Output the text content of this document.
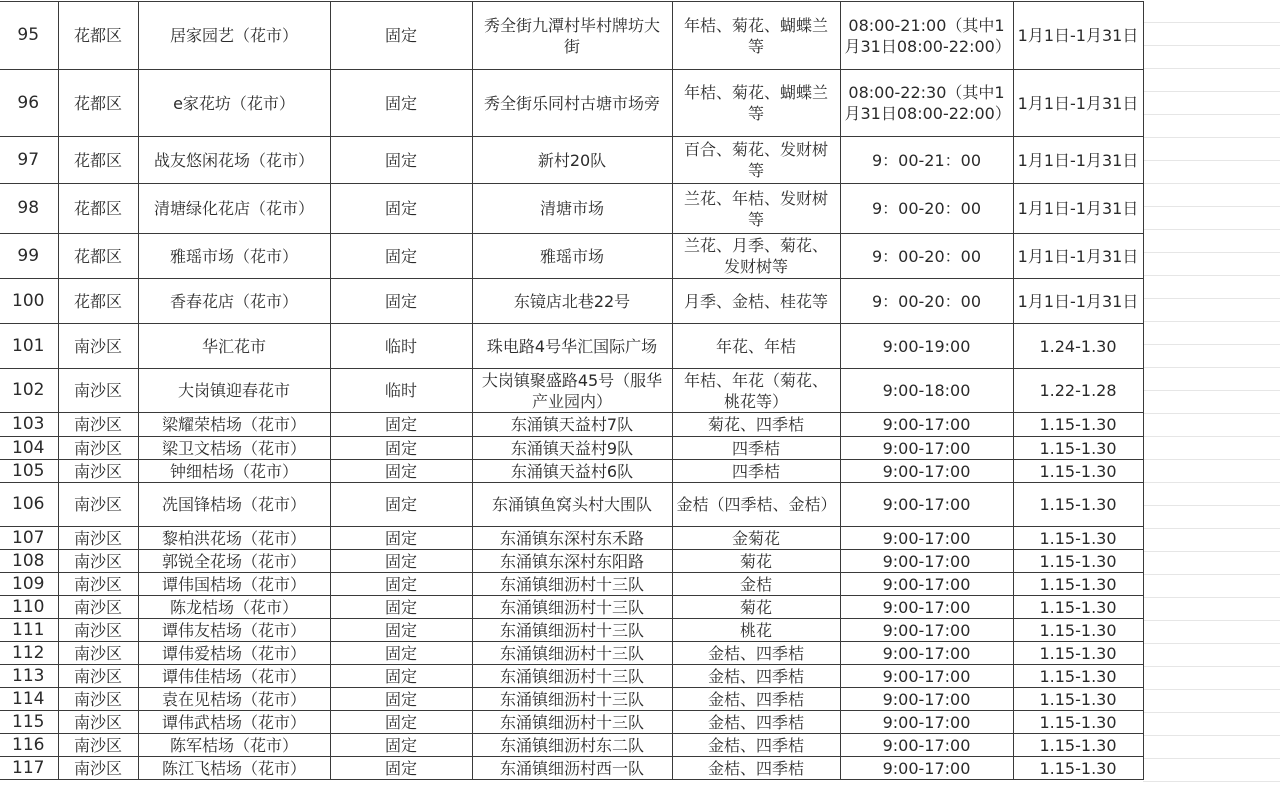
95	花都区	居家园艺（花市）	固定	秀全街九潭村毕村牌坊大街	年桔、菊花、蝴蝶兰等	08:00-21:00（其中1月31日08:00-22:00）	1月1日-1月31日
96	花都区	e家花坊（花市）	固定	秀全街乐同村古塘市场旁	年桔、菊花、蝴蝶兰等	08:00-22:30（其中1月31日08:00-22:00）	1月1日-1月31日
97	花都区	战友悠闲花场（花市）	固定	新村20队	百合、菊花、发财树等	9：00-21：00	1月1日-1月31日
98	花都区	清塘绿化花店（花市）	固定	清塘市场	兰花、年桔、发财树等	9：00-20：00	1月1日-1月31日
99	花都区	雅瑶市场（花市）	固定	雅瑶市场	兰花、月季、菊花、发财树等	9：00-20：00	1月1日-1月31日
100	花都区	香春花店（花市）	固定	东镜店北巷22号	月季、金桔、桂花等	9：00-20：00	1月1日-1月31日
101	南沙区	华汇花市	临时	珠电路4号华汇国际广场	年花、年桔	9:00-19:00	1.24-1.30
102	南沙区	大岗镇迎春花市	临时	大岗镇聚盛路45号（服华产业园内）	年桔、年花（菊花、桃花等）	9:00-18:00	1.22-1.28
103	南沙区	梁耀荣桔场（花市）	固定	东涌镇天益村7队	菊花、四季桔	9:00-17:00	1.15-1.30
104	南沙区	梁卫文桔场（花市）	固定	东涌镇天益村9队	四季桔	9:00-17:00	1.15-1.30
105	南沙区	钟细桔场（花市）	固定	东涌镇天益村6队	四季桔	9:00-17:00	1.15-1.30
106	南沙区	冼国锋桔场（花市）	固定	东涌镇鱼窝头村大围队	金桔（四季桔、金桔）	9:00-17:00	1.15-1.30
107	南沙区	黎柏洪花场（花市）	固定	东涌镇东深村东禾路	金菊花	9:00-17:00	1.15-1.30
108	南沙区	郭锐全花场（花市）	固定	东涌镇东深村东阳路	菊花	9:00-17:00	1.15-1.30
109	南沙区	谭伟国桔场（花市）	固定	东涌镇细沥村十三队	金桔	9:00-17:00	1.15-1.30
110	南沙区	陈龙桔场（花市）	固定	东涌镇细沥村十三队	菊花	9:00-17:00	1.15-1.30
111	南沙区	谭伟友桔场（花市）	固定	东涌镇细沥村十三队	桃花	9:00-17:00	1.15-1.30
112	南沙区	谭伟爱桔场（花市）	固定	东涌镇细沥村十三队	金桔、四季桔	9:00-17:00	1.15-1.30
113	南沙区	谭伟佳桔场（花市）	固定	东涌镇细沥村十三队	金桔、四季桔	9:00-17:00	1.15-1.30
114	南沙区	袁在见桔场（花市）	固定	东涌镇细沥村十三队	金桔、四季桔	9:00-17:00	1.15-1.30
115	南沙区	谭伟武桔场（花市）	固定	东涌镇细沥村十三队	金桔、四季桔	9:00-17:00	1.15-1.30
116	南沙区	陈军桔场（花市）	固定	东涌镇细沥村东二队	金桔、四季桔	9:00-17:00	1.15-1.30
117	南沙区	陈江飞桔场（花市）	固定	东涌镇细沥村西一队	金桔、四季桔	9:00-17:00	1.15-1.30
